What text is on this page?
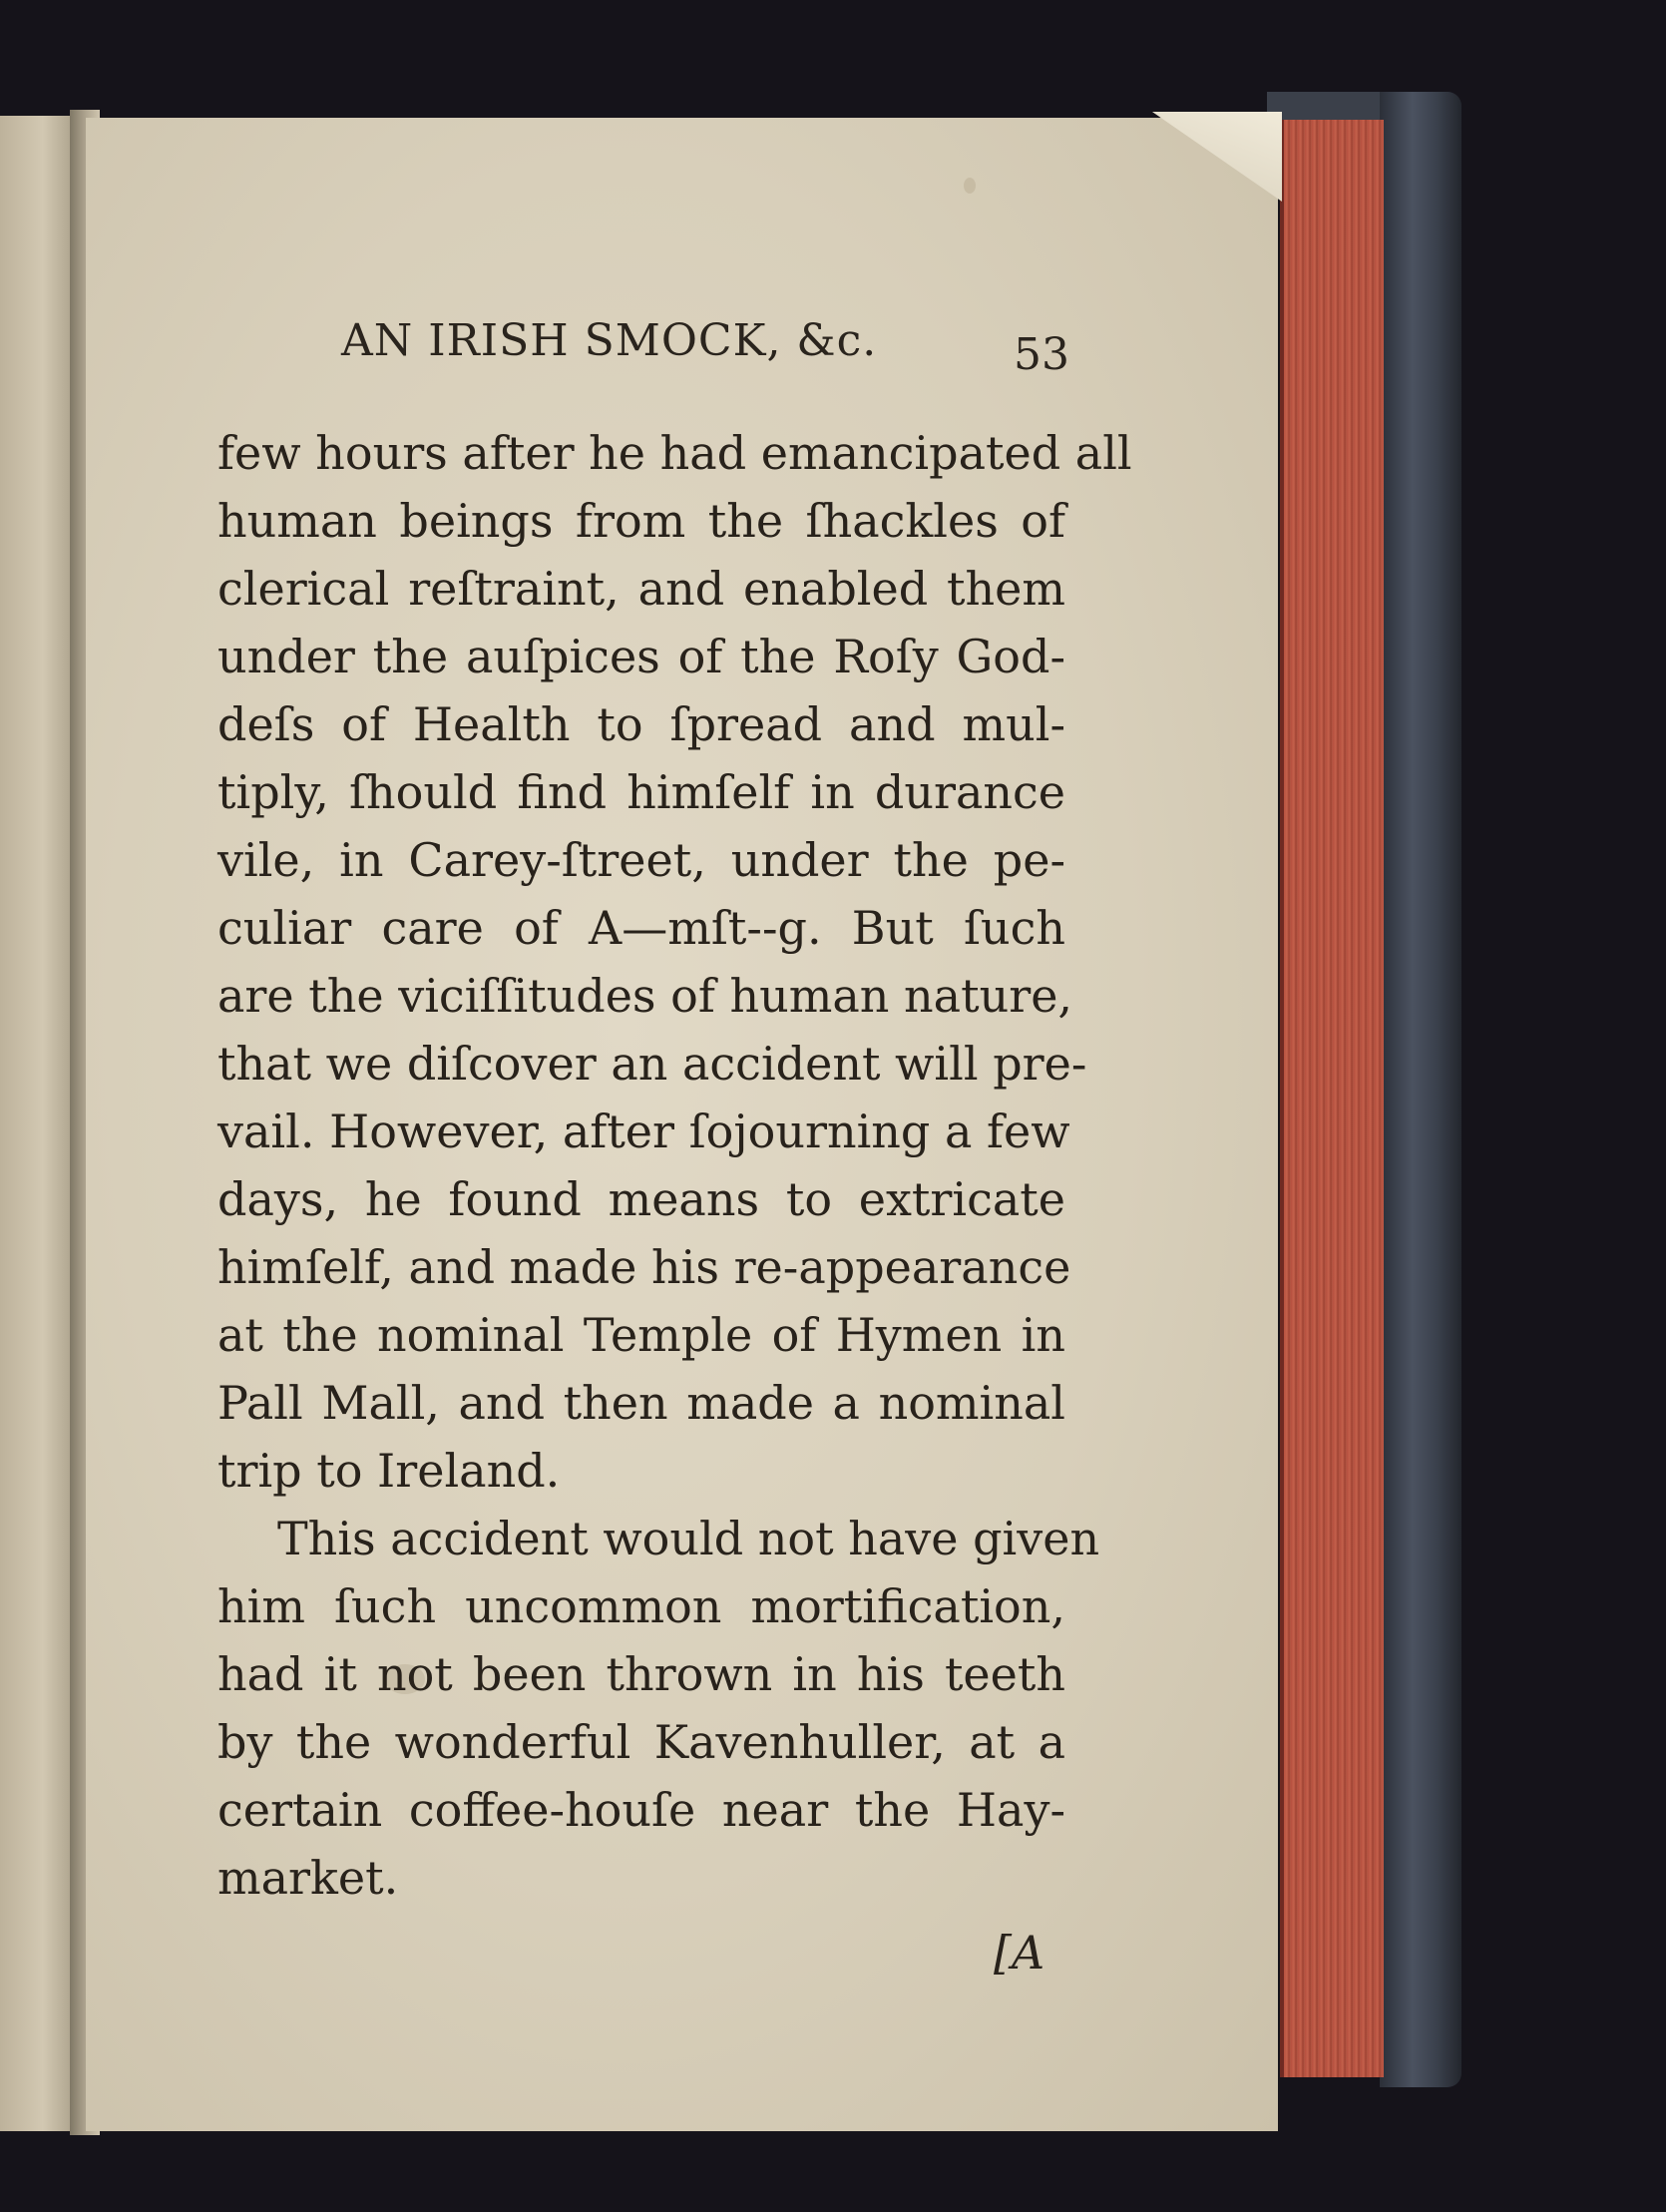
AN IRISH SMOCK, &c.	53
few hours after he had emancipated all
human beings from the ſhackles of
clerical reſtraint, and enabled them
under the auſpices of the Roſy God-
deſs of Health to ſpread and mul-
tiply, ſhould find himſelf in durance
vile, in Carey-ſtreet, under the pe-
culiar care of A—mſt--g. But ſuch
are the viciſſitudes of human nature,
that we diſcover an accident will pre-
vail. However, after ſojourning a few
days, he found means to extricate
himſelf, and made his re-appearance
at the nominal Temple of Hymen in
Pall Mall, and then made a nominal
trip to Ireland.
This accident would not have given
him ſuch uncommon mortification,
had it not been thrown in his teeth
by the wonderful Kavenhuller, at a
certain coffee-houſe near the Hay-
market.
[A
